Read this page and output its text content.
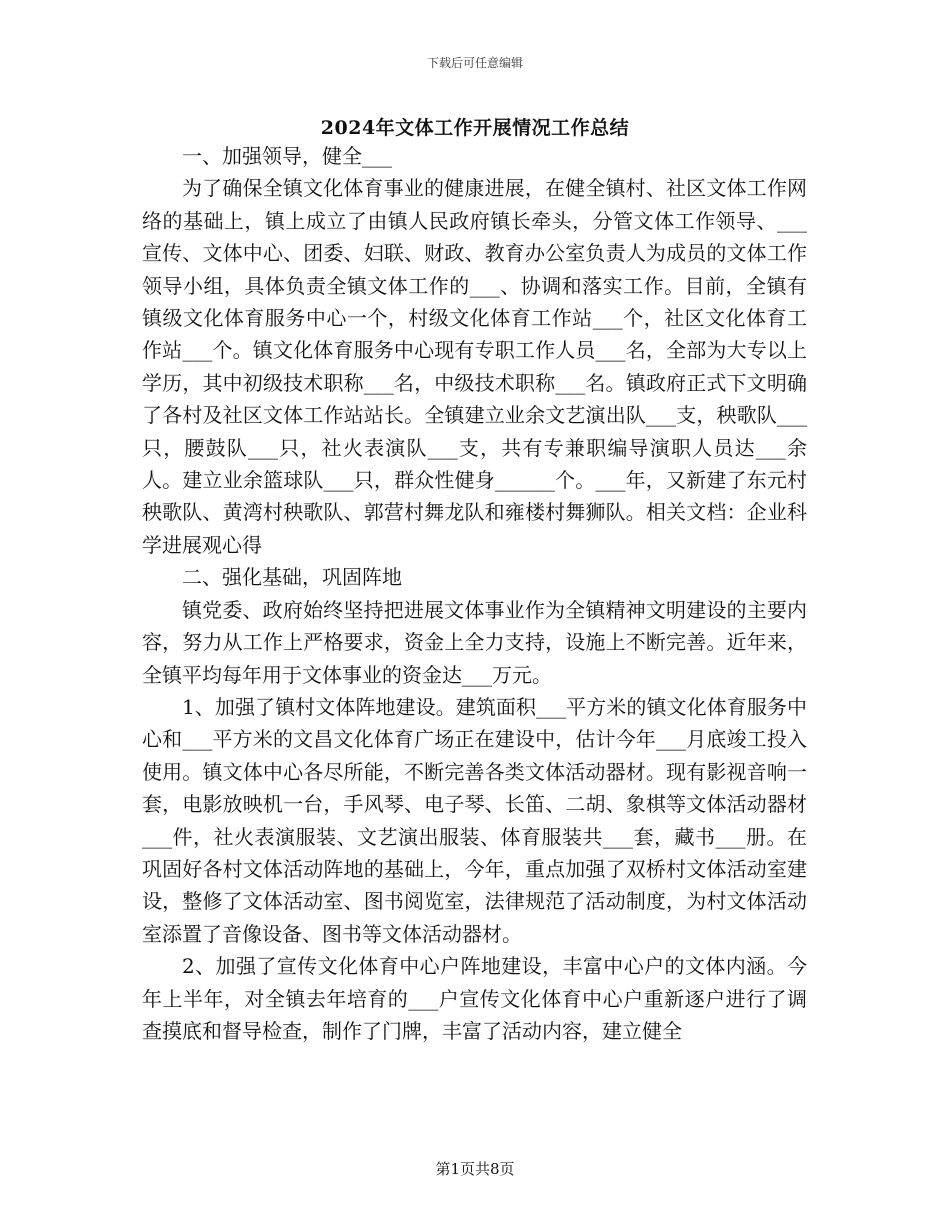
下载后可任意编辑
2024年文体工作开展情况工作总结

一、加强领导，健全___

为了确保全镇文化体育事业的健康进展，在健全镇村、社区文体工作网络的基础上，镇上成立了由镇人民政府镇长牵头，分管文体工作领导、___宣传、文体中心、团委、妇联、财政、教育办公室负责人为成员的文体工作领导小组，具体负责全镇文体工作的___、协调和落实工作。目前，全镇有镇级文化体育服务中心一个，村级文化体育工作站___个，社区文化体育工作站___个。镇文化体育服务中心现有专职工作人员___名，全部为大专以上学历，其中初级技术职称___名，中级技术职称___名。镇政府正式下文明确了各村及社区文体工作站站长。全镇建立业余文艺演出队___支，秧歌队___只，腰鼓队___只，社火表演队___支，共有专兼职编导演职人员达___余人。建立业余篮球队___只，群众性健身______个。___年，又新建了东元村秧歌队、黄湾村秧歌队、郭营村舞龙队和雍楼村舞狮队。相关文档：企业科学进展观心得

二、强化基础，巩固阵地

镇党委、政府始终坚持把进展文体事业作为全镇精神文明建设的主要内容，努力从工作上严格要求，资金上全力支持，设施上不断完善。近年来，全镇平均每年用于文体事业的资金达___万元。

1、加强了镇村文体阵地建设。建筑面积___平方米的镇文化体育服务中心和___平方米的文昌文化体育广场正在建设中，估计今年___月底竣工投入使用。镇文体中心各尽所能，不断完善各类文体活动器材。现有影视音响一套，电影放映机一台，手风琴、电子琴、长笛、二胡、象棋等文体活动器材___件，社火表演服装、文艺演出服装、体育服装共___套，藏书___册。在巩固好各村文体活动阵地的基础上，今年，重点加强了双桥村文体活动室建设，整修了文体活动室、图书阅览室，法律规范了活动制度，为村文体活动室添置了音像设备、图书等文体活动器材。

2、加强了宣传文化体育中心户阵地建设，丰富中心户的文体内涵。今年上半年，对全镇去年培育的___户宣传文化体育中心户重新逐户进行了调查摸底和督导检查，制作了门牌，丰富了活动内容，建立健全

第1页共8页
